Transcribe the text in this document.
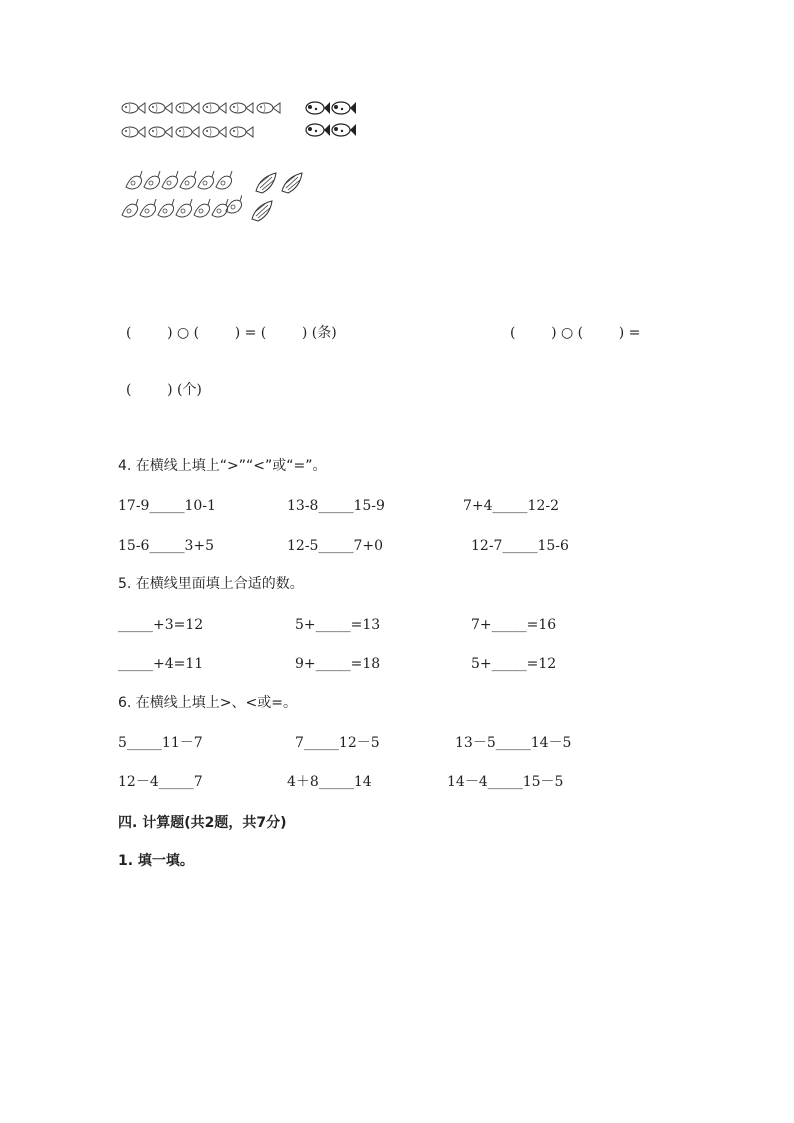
(        ) ○ (        ) = (        ) (条)	(        ) ○ (        ) =
(        ) (个)
4. 在横线上填上“>”“<”或“=”。
17-9_____10-1	13-8_____15-9	7+4_____12-2
15-6_____3+5	12-5_____7+0	12-7_____15-6
5. 在横线里面填上合适的数。
_____+3=12	5+_____=13	7+_____=16
_____+4=11	9+_____=18	5+_____=12
6. 在横线上填上>、<或=。
5_____11－7	7_____12－5	13－5_____14－5
12－4_____7	4＋8_____14	14－4_____15－5
四. 计算题(共2题，共7分)
1. 填一填。
